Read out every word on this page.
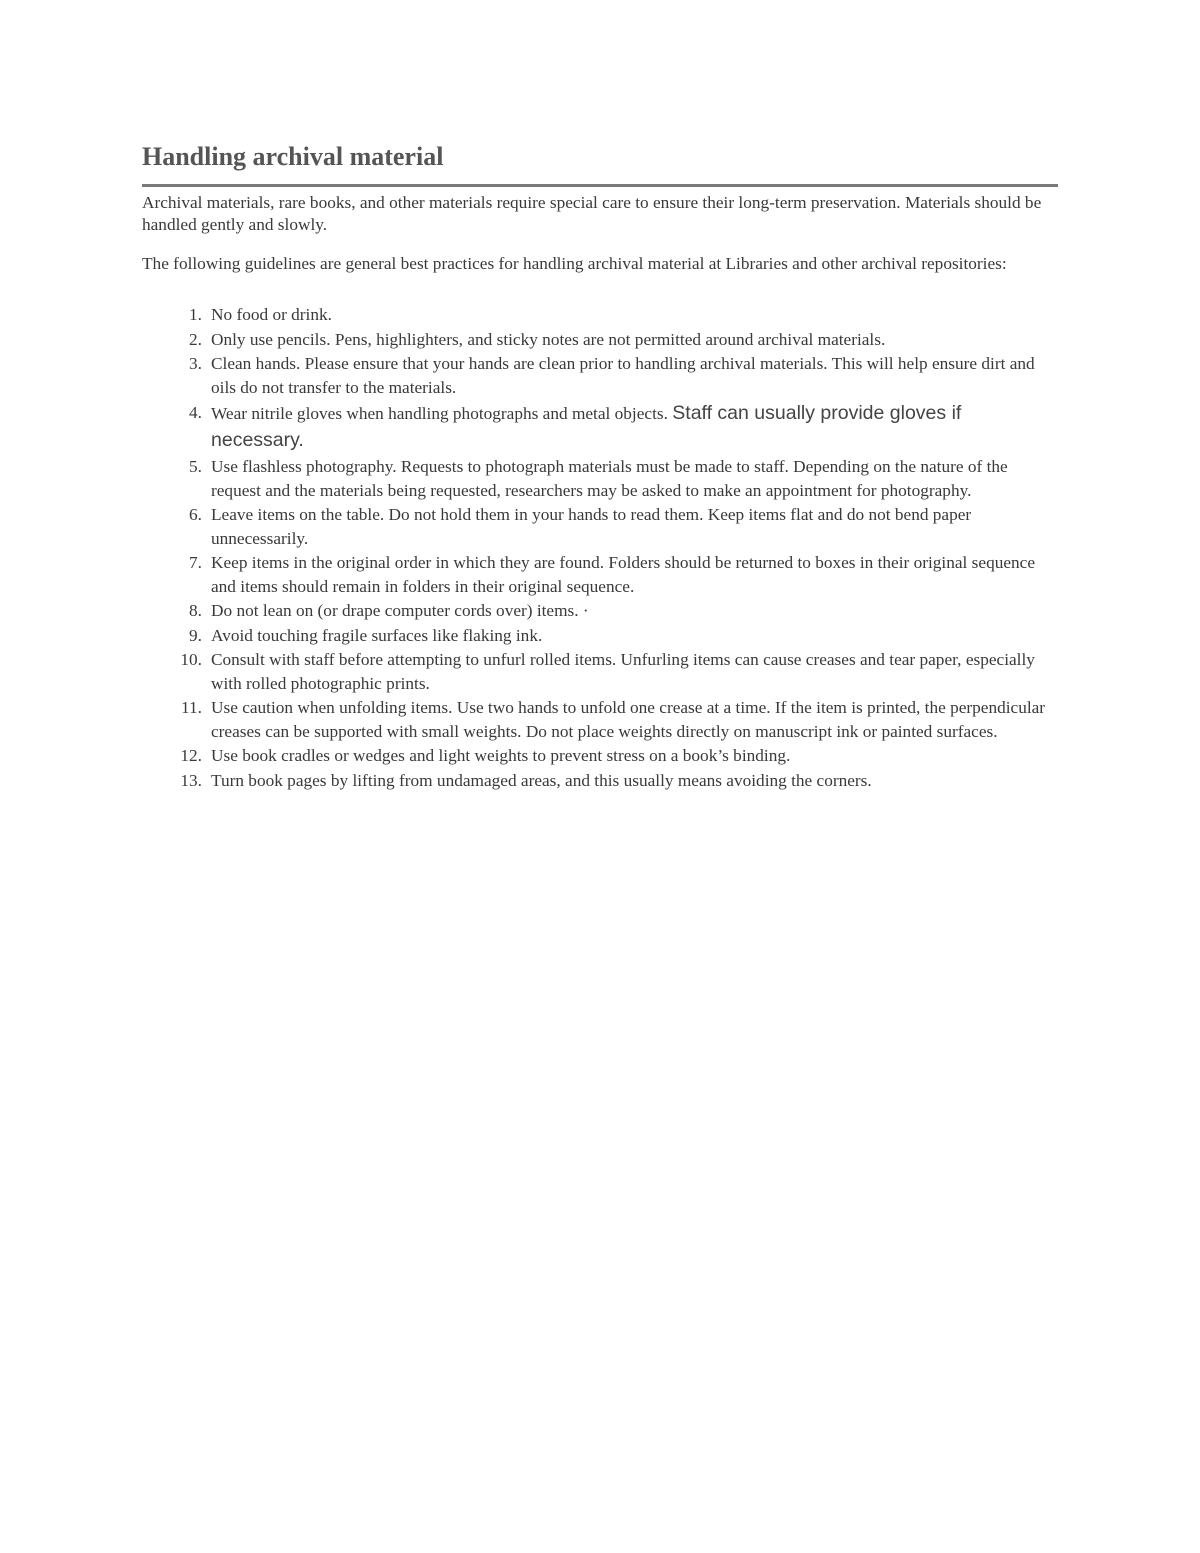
Handling archival material

Archival materials, rare books, and other materials require special care to ensure their long-term preservation. Materials should be handled gently and slowly.

The following guidelines are general best practices for handling archival material at Libraries and other archival repositories:

1. No food or drink.
2. Only use pencils. Pens, highlighters, and sticky notes are not permitted around archival materials.
3. Clean hands. Please ensure that your hands are clean prior to handling archival materials. This will help ensure dirt and oils do not transfer to the materials.
4. Wear nitrile gloves when handling photographs and metal objects. Staff can usually provide gloves if necessary.
5. Use flashless photography. Requests to photograph materials must be made to staff. Depending on the nature of the request and the materials being requested, researchers may be asked to make an appointment for photography.
6. Leave items on the table. Do not hold them in your hands to read them. Keep items flat and do not bend paper unnecessarily.
7. Keep items in the original order in which they are found. Folders should be returned to boxes in their original sequence and items should remain in folders in their original sequence.
8. Do not lean on (or drape computer cords over) items. ·
9. Avoid touching fragile surfaces like flaking ink.
10. Consult with staff before attempting to unfurl rolled items. Unfurling items can cause creases and tear paper, especially with rolled photographic prints.
11. Use caution when unfolding items. Use two hands to unfold one crease at a time. If the item is printed, the perpendicular creases can be supported with small weights. Do not place weights directly on manuscript ink or painted surfaces.
12. Use book cradles or wedges and light weights to prevent stress on a book’s binding.
13. Turn book pages by lifting from undamaged areas, and this usually means avoiding the corners.
